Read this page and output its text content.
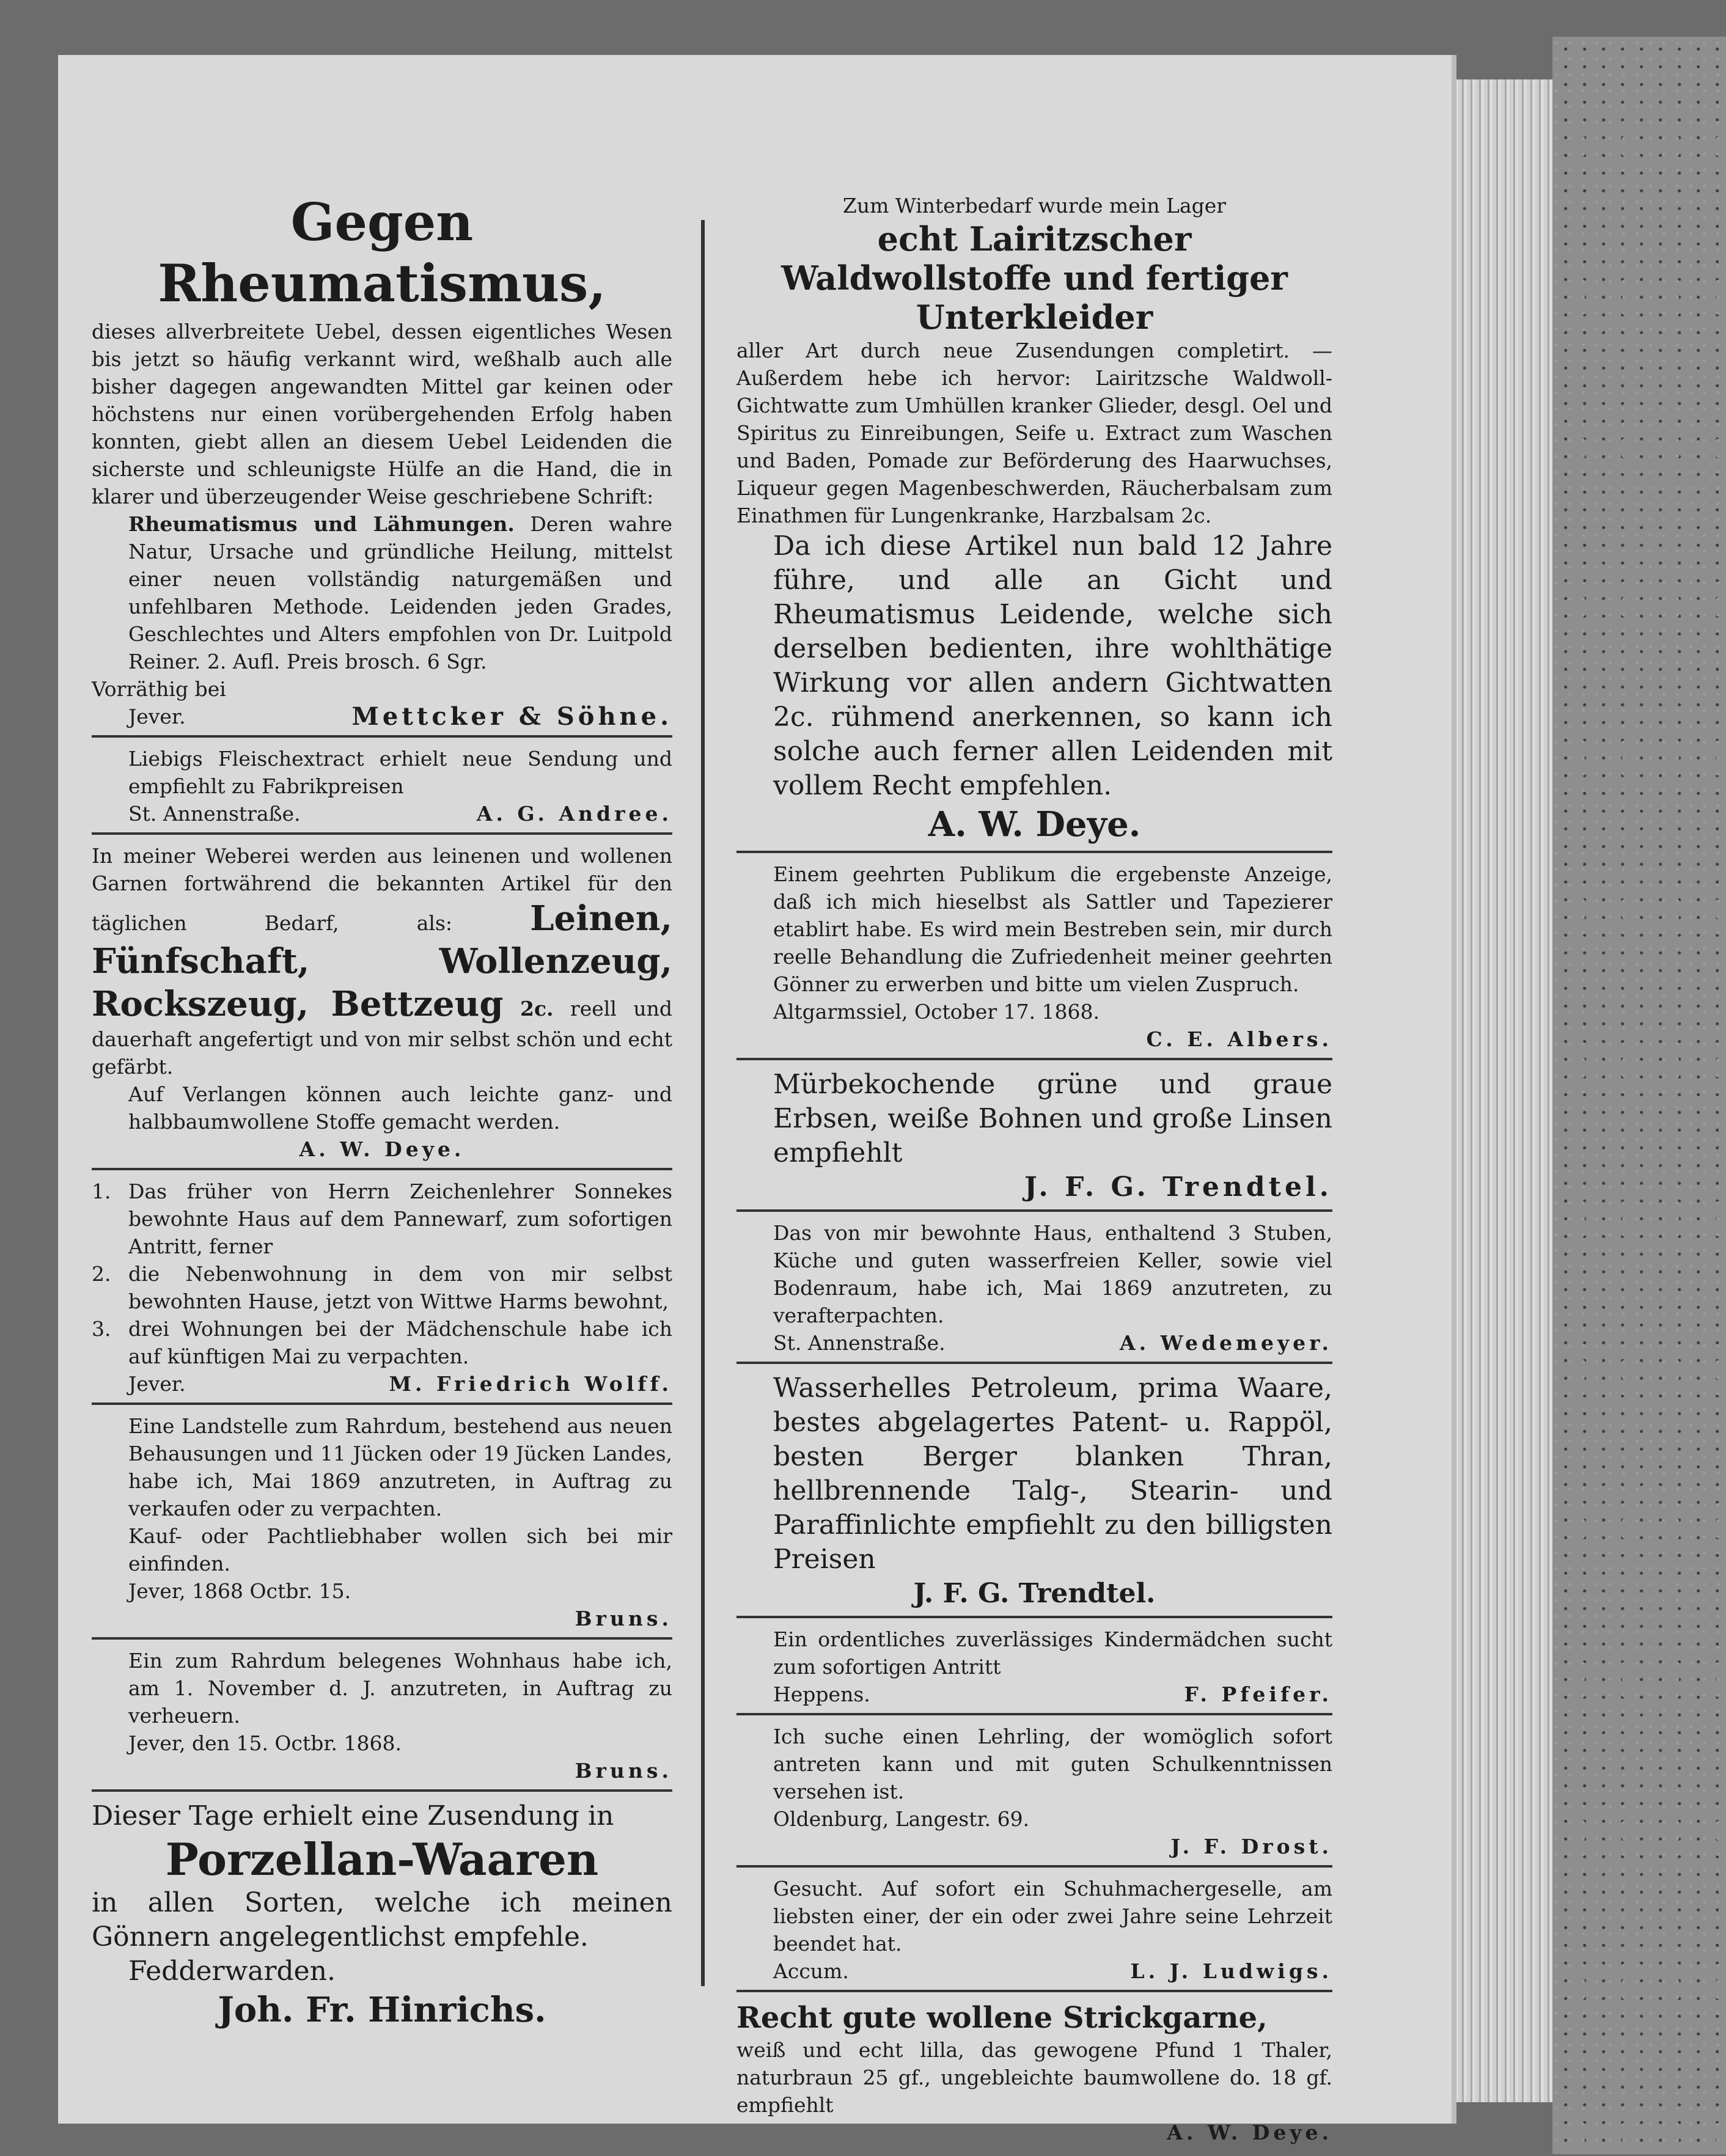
Gegen Rheumatismus,

dieses allverbreitete Uebel, dessen eigentliches Wesen bis jetzt so häufig verkannt wird, weßhalb auch alle bisher dagegen angewandten Mittel gar keinen oder höchstens nur einen vorübergehenden Erfolg haben konnten, giebt allen an diesem Uebel Leidenden die sicherste und schleunigste Hülfe an die Hand, die in klarer und überzeugender Weise geschriebene Schrift:

Rheumatismus und Lähmungen. Deren wahre Natur, Ursache und gründliche Heilung, mittelst einer neuen vollständig naturgemäßen und unfehlbaren Methode. Leidenden jeden Grades, Geschlechtes und Alters empfohlen von Dr. Luitpold Reiner. 2. Aufl. Preis brosch. 6 Sgr.

Vorräthig bei

Jever.	Mettcker & Söhne.

Liebigs Fleischextract erhielt neue Sendung und empfiehlt zu Fabrikpreisen

St. Annenstraße.	A. G. Andree.

In meiner Weberei werden aus leinenen und wollenen Garnen fortwährend die bekannten Artikel für den täglichen Bedarf, als: Leinen, Fünfschaft, Wollenzeug, Rockszeug, Bettzeug 2c. reell und dauerhaft angefertigt und von mir selbst schön und echt gefärbt.

Auf Verlangen können auch leichte ganz- und halbbaumwollene Stoffe gemacht werden.

A. W. Deye.

1. Das früher von Herrn Zeichenlehrer Sonnekes bewohnte Haus auf dem Pannewarf, zum sofortigen Antritt, ferner

2. die Nebenwohnung in dem von mir selbst bewohnten Hause, jetzt von Wittwe Harms bewohnt,

3. drei Wohnungen bei der Mädchenschule habe ich auf künftigen Mai zu verpachten.

Jever.	M. Friedrich Wolff.

Eine Landstelle zum Rahrdum, bestehend aus neuen Behausungen und 11 Jücken oder 19 Jücken Landes, habe ich, Mai 1869 anzutreten, in Auftrag zu verkaufen oder zu verpachten.

Kauf- oder Pachtliebhaber wollen sich bei mir einfinden.

Jever, 1868 Octbr. 15.

Bruns.

Ein zum Rahrdum belegenes Wohnhaus habe ich, am 1. November d. J. anzutreten, in Auftrag zu verheuern.

Jever, den 15. Octbr. 1868.

Bruns.

Dieser Tage erhielt eine Zusendung in

Porzellan-Waaren

in allen Sorten, welche ich meinen Gönnern angelegentlichst empfehle.

Fedderwarden.

Joh. Fr. Hinrichs.

Zum Winterbedarf wurde mein Lager

echt Lairitzscher Waldwollstoffe und fertiger Unterkleider

aller Art durch neue Zusendungen completirt. — Außerdem hebe ich hervor: Lairitzsche Waldwoll-Gichtwatte zum Umhüllen kranker Glieder, desgl. Oel und Spiritus zu Einreibungen, Seife u. Extract zum Waschen und Baden, Pomade zur Beförderung des Haarwuchses, Liqueur gegen Magenbeschwerden, Räucherbalsam zum Einathmen für Lungenkranke, Harzbalsam 2c.

Da ich diese Artikel nun bald 12 Jahre führe, und alle an Gicht und Rheumatismus Leidende, welche sich derselben bedienten, ihre wohlthätige Wirkung vor allen andern Gichtwatten 2c. rühmend anerkennen, so kann ich solche auch ferner allen Leidenden mit vollem Recht empfehlen.

A. W. Deye.

Einem geehrten Publikum die ergebenste Anzeige, daß ich mich hieselbst als Sattler und Tapezierer etablirt habe. Es wird mein Bestreben sein, mir durch reelle Behandlung die Zufriedenheit meiner geehrten Gönner zu erwerben und bitte um vielen Zuspruch.

Altgarmssiel, October 17. 1868.

C. E. Albers.

Mürbekochende grüne und graue Erbsen, weiße Bohnen und große Linsen empfiehlt

J. F. G. Trendtel.

Das von mir bewohnte Haus, enthaltend 3 Stuben, Küche und guten wasserfreien Keller, sowie viel Bodenraum, habe ich, Mai 1869 anzutreten, zu verafterpachten.

St. Annenstraße.	A. Wedemeyer.

Wasserhelles Petroleum, prima Waare, bestes abgelagertes Patent- u. Rappöl, besten Berger blanken Thran, hellbrennende Talg-, Stearin- und Paraffinlichte empfiehlt zu den billigsten Preisen

J. F. G. Trendtel.

Ein ordentliches zuverlässiges Kindermädchen sucht zum sofortigen Antritt

Heppens.	F. Pfeifer.

Ich suche einen Lehrling, der womöglich sofort antreten kann und mit guten Schulkenntnissen versehen ist.

Oldenburg, Langestr. 69.

J. F. Drost.

Gesucht. Auf sofort ein Schuhmachergeselle, am liebsten einer, der ein oder zwei Jahre seine Lehrzeit beendet hat.

Accum.	L. J. Ludwigs.

Recht gute wollene Strickgarne,

weiß und echt lilla, das gewogene Pfund 1 Thaler, naturbraun 25 gf., ungebleichte baumwollene do. 18 gf. empfiehlt

A. W. Deye.
